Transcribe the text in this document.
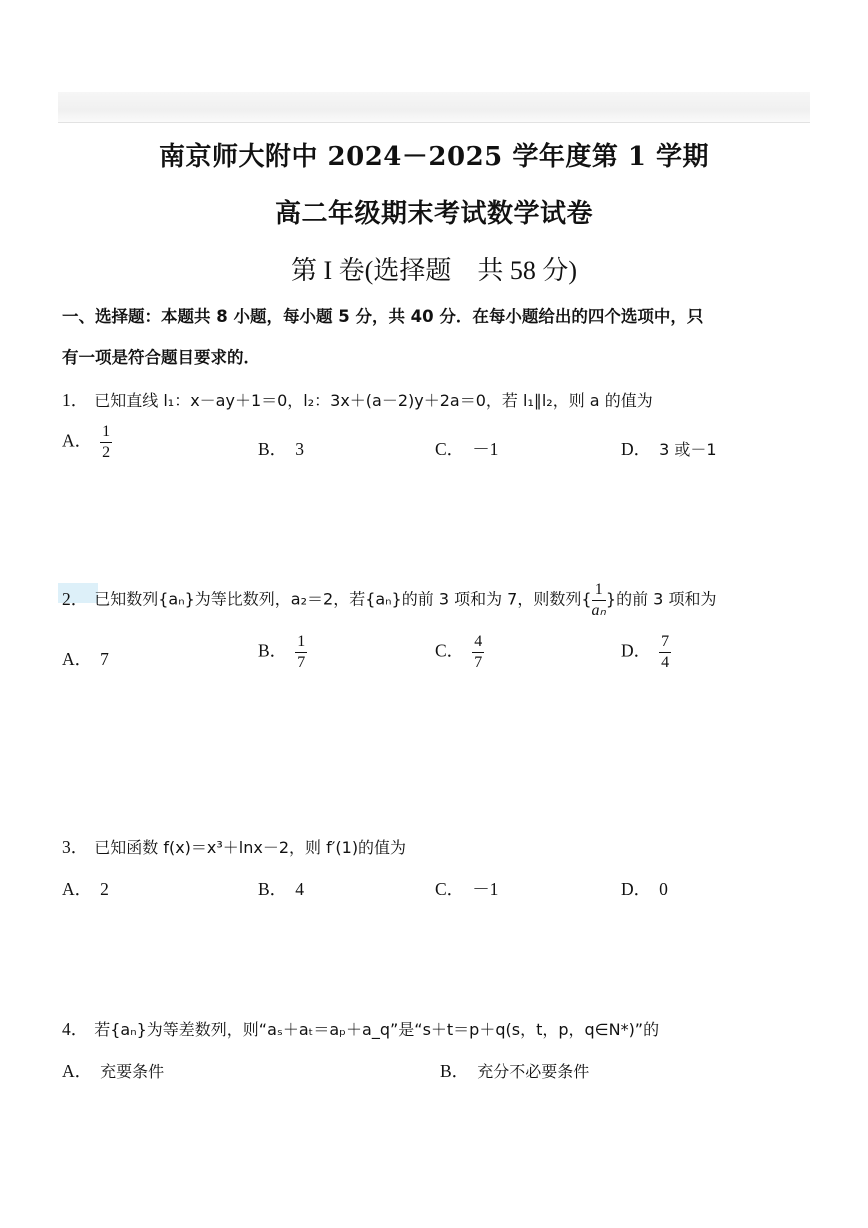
南京师大附中 2024－2025 学年度第 1 学期
高二年级期末考试数学试卷
第 I 卷(选择题　共 58 分)
一、选择题：本题共 8 小题，每小题 5 分，共 40 分．在每小题给出的四个选项中，只
有一项是符合题目要求的．
1． 已知直线 l₁：x－ay＋1＝0，l₂：3x＋(a－2)y＋2a＝0，若 l₁∥l₂，则 a 的值为
A． $\frac{1}{2}$	B． 3	C． －1	D． 3 或－1
2． 已知数列{aₙ}为等比数列，a₂＝2，若{aₙ}的前 3 项和为 7，则数列{ $\frac{1}{\text{aₙ}}$ }的前 3 项和为
A． 7	B． $\frac{1}{7}$	C． $\frac{4}{7}$	D． $\frac{7}{4}$
3． 已知函数 f(x)＝x³＋lnx－2，则 f′(1)的值为
A． 2	B． 4	C． －1	D． 0
4． 若{aₙ}为等差数列，则“aₛ＋aₜ＝aₚ＋a_q”是“s＋t＝p＋q(s，t，p，q∈N*)”的
A． 充要条件	B． 充分不必要条件
